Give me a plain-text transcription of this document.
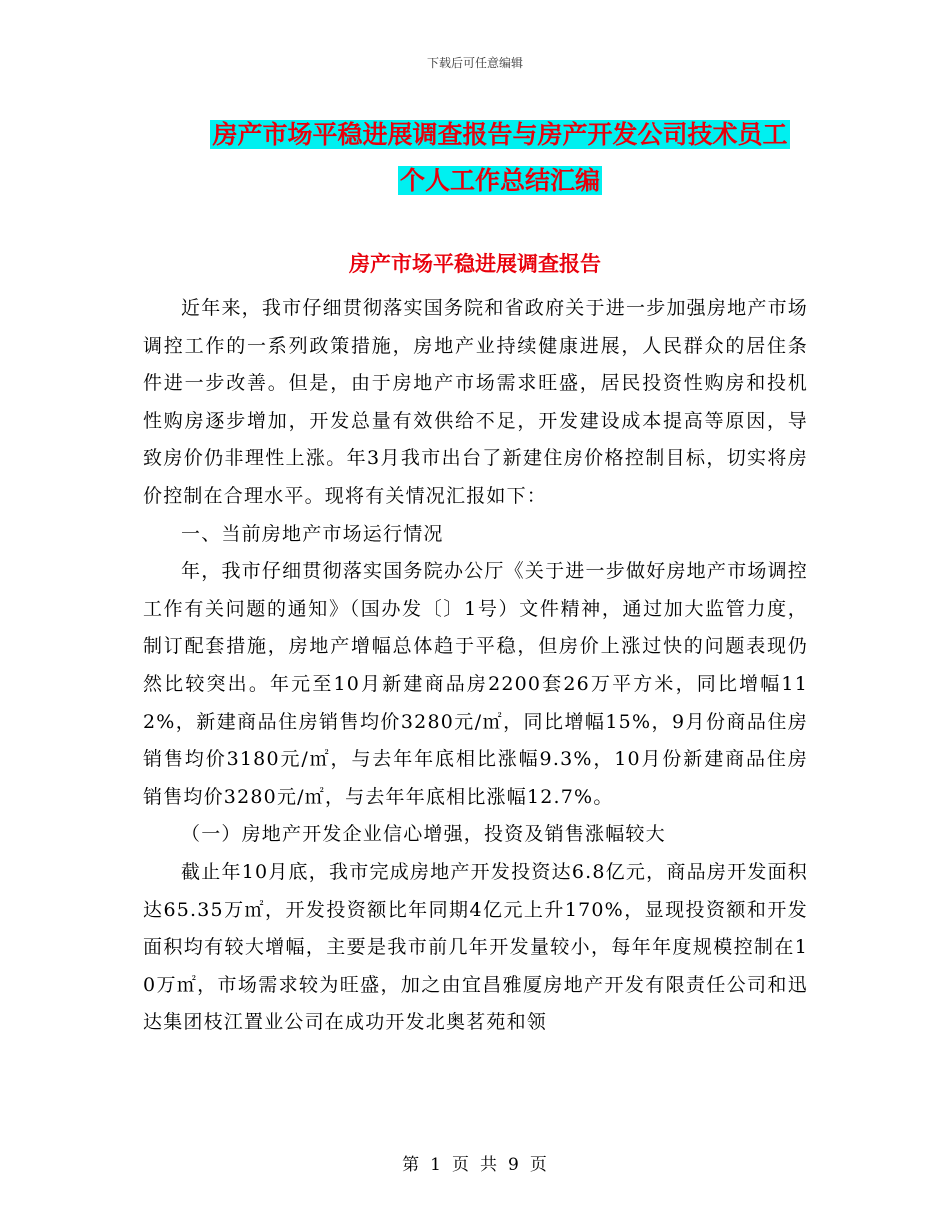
下载后可任意编辑
房产市场平稳进展调查报告与房产开发公司技术员工
个人工作总结汇编
房产市场平稳进展调查报告

近年来，我市仔细贯彻落实国务院和省政府关于进一步加强房地产市场调控工作的一系列政策措施，房地产业持续健康进展，人民群众的居住条件进一步改善。但是，由于房地产市场需求旺盛，居民投资性购房和投机性购房逐步增加，开发总量有效供给不足，开发建设成本提高等原因，导致房价仍非理性上涨。年3月我市出台了新建住房价格控制目标，切实将房价控制在合理水平。现将有关情况汇报如下：

一、当前房地产市场运行情况

年，我市仔细贯彻落实国务院办公厅《关于进一步做好房地产市场调控工作有关问题的通知》（国办发〔〕1号）文件精神，通过加大监管力度，制订配套措施，房地产增幅总体趋于平稳，但房价上涨过快的问题表现仍然比较突出。年元至10月新建商品房2200套26万平方米，同比增幅112%，新建商品住房销售均价3280元/㎡，同比增幅15%，9月份商品住房销售均价3180元/㎡，与去年年底相比涨幅9.3%，10月份新建商品住房销售均价3280元/㎡，与去年年底相比涨幅12.7%。

（一）房地产开发企业信心增强，投资及销售涨幅较大

截止年10月底，我市完成房地产开发投资达6.8亿元，商品房开发面积达65.35万㎡，开发投资额比年同期4亿元上升170%，显现投资额和开发面积均有较大增幅，主要是我市前几年开发量较小，每年年度规模控制在10万㎡，市场需求较为旺盛，加之由宜昌雅厦房地产开发有限责任公司和迅达集团枝江置业公司在成功开发北奥茗苑和领

第 1 页 共 9 页
